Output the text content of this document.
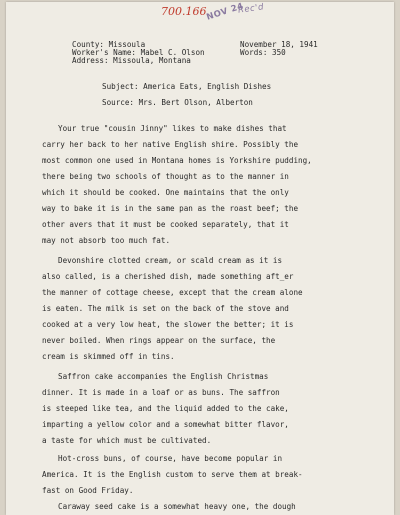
700.166
NOV 24
Rec'd
County: Missoula
Worker's Name: Mabel C. Olson
Address: Missoula, Montana
November 18, 1941
Words: 350
Subject: America Eats, English Dishes
Source: Mrs. Bert Olson, Alberton
Your true "cousin Jinny" likes to make dishes that
carry her back to her native English shire. Possibly the
most common one used in Montana homes is Yorkshire pudding,
there being two schools of thought as to the manner in
which it should be cooked. One maintains that the only
way to bake it is in the same pan as the roast beef; the
other avers that it must be cooked separately, that it
may not absorb too much fat.
Devonshire clotted cream, or scald cream as it is
also called, is a cherished dish, made something aft_er
the manner of cottage cheese, except that the cream alone
is eaten. The milk is set on the back of the stove and
cooked at a very low heat, the slower the better; it is
never boiled. When rings appear on the surface, the
cream is skimmed off in tins.
Saffron cake accompanies the English Christmas
dinner. It is made in a loaf or as buns. The saffron
is steeped like tea, and the liquid added to the cake,
imparting a yellow color and a somewhat bitter flavor,
a taste for which must be cultivated.
Hot-cross buns, of course, have become popular in
America. It is the English custom to serve them at break-
fast on Good Friday.
Caraway seed cake is a somewhat heavy one, the dough
